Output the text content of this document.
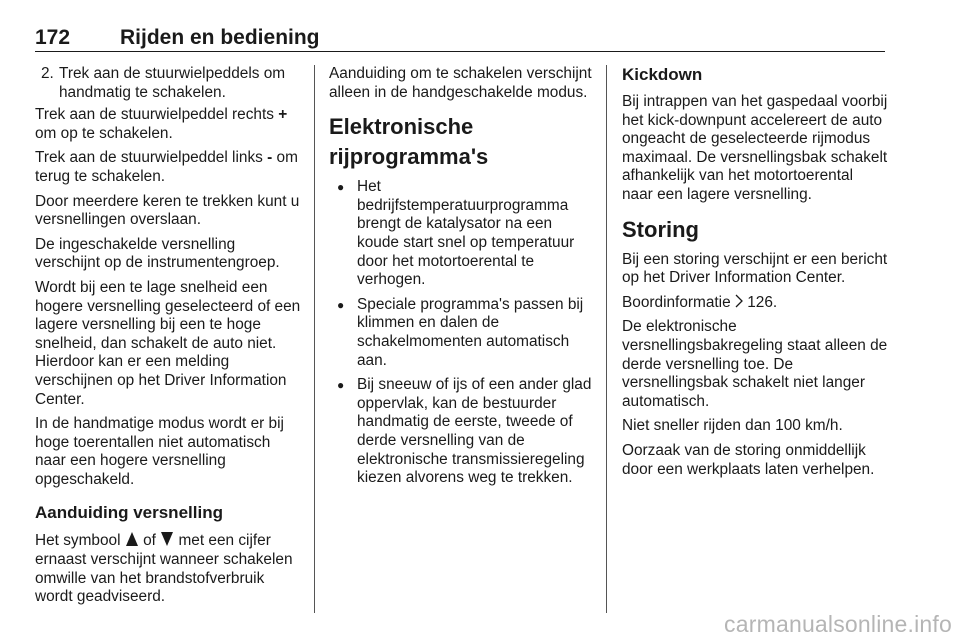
172 Rijden en bediening
2. Trek aan de stuurwielpeddels om handmatig te schakelen.

Trek aan de stuurwielpeddel rechts + om op te schakelen.

Trek aan de stuurwielpeddel links - om terug te schakelen.

Door meerdere keren te trekken kunt u versnellingen overslaan.

De ingeschakelde versnelling verschijnt op de instrumentengroep.

Wordt bij een te lage snelheid een hogere versnelling geselecteerd of een lagere versnelling bij een te hoge snelheid, dan schakelt de auto niet. Hierdoor kan er een melding verschijnen op het Driver Information Center.

In de handmatige modus wordt er bij hoge toerentallen niet automatisch naar een hogere versnelling opgeschakeld.

Aanduiding versnelling

Het symbool  of  met een cijfer ernaast verschijnt wanneer schakelen omwille van het brandstofverbruik wordt geadviseerd.

Aanduiding om te schakelen verschijnt alleen in de handgeschakelde modus.

Elektronische rijprogramma's
● Het bedrijfstemperatuurprogramma brengt de katalysator na een koude start snel op temperatuur door het motortoerental te verhogen.
● Speciale programma's passen bij klimmen en dalen de schakelmomenten automatisch aan.
● Bij sneeuw of ijs of een ander glad oppervlak, kan de bestuurder handmatig de eerste, tweede of derde versnelling van de elektronische transmissieregeling kiezen alvorens weg te trekken.
Kickdown

Bij intrappen van het gaspedaal voorbij het kick-downpunt accelereert de auto ongeacht de geselecteerde rijmodus maximaal. De versnellingsbak schakelt afhankelijk van het motortoerental naar een lagere versnelling.

Storing

Bij een storing verschijnt er een bericht op het Driver Information Center.

Boordinformatie  126.

De elektronische versnellingsbakregeling staat alleen de derde versnelling toe. De versnellingsbak schakelt niet langer automatisch.

Niet sneller rijden dan 100 km/h.

Oorzaak van de storing onmiddellijk door een werkplaats laten verhelpen.

carmanualsonline.info
